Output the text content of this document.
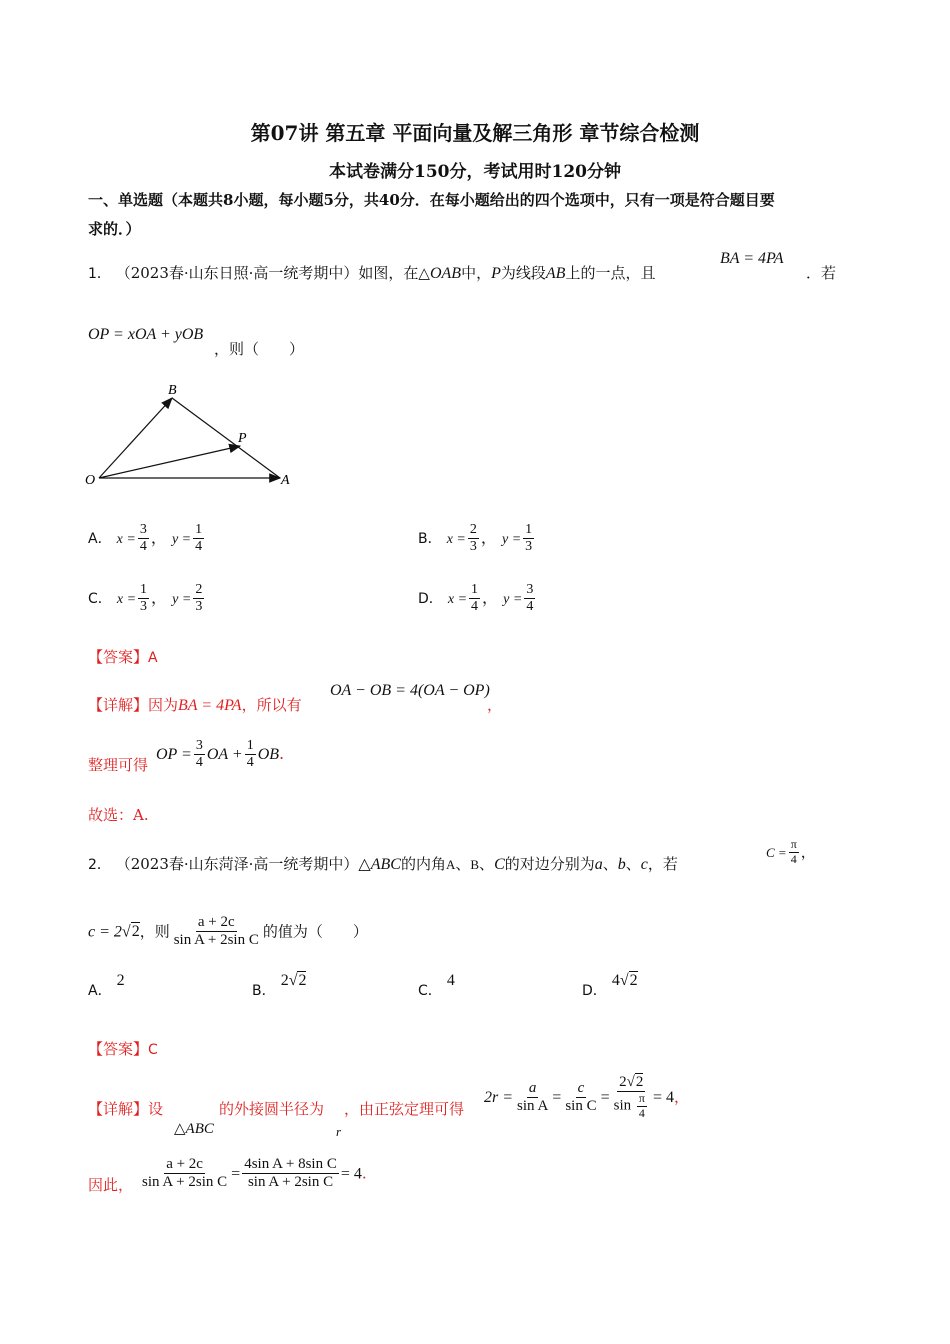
第07讲 第五章 平面向量及解三角形 章节综合检测
本试卷满分150分，考试用时120分钟
一、单选题（本题共8小题，每小题5分，共40分．在每小题给出的四个选项中，只有一项是符合题目要
求的．）
1． （2023春·山东日照·高一统考期中）如图，在△OAB中，P为线段AB上的一点，且
BA = 4PA
．若
OP = xOA + yOB
，则（　　）
B
P
O	A
A． $x = \frac{3}{4}$ ， $y = \frac{1}{4}$	B． $x = \frac{2}{3}$ ， $y = \frac{1}{3}$
C． $x = \frac{1}{3}$ ， $y = \frac{2}{3}$	D． $x = \frac{1}{4}$ ， $y = \frac{3}{4}$
【答案】A
【详解】因为BA = 4PA，所以有
OA − OB = 4(OA − OP)
，
整理可得
OP = $\frac{3}{4}$ OA + $\frac{1}{4}$ OB.
故选：A.
2． （2023春·山东菏泽·高一统考期中）△ABC的内角A、B、C的对边分别为a、b、c，若
$C = \frac{\pi}{4}$ ，
c = 2√2，则 $\frac{a + 2c}{\text{sin A + 2sin C}}$ 的值为（　　）
A． 2
B． 2√2
C． 4
D． 4√2
【答案】C
【详解】设
△ABC
的外接圆半径为
r
，由正弦定理可得
$2r = \frac{a}{\text{sin A}} = \frac{c}{\text{sin C}} = \frac{2√2}{\sin \frac{\pi}{4}} = 4$，
因此， $\frac{a + 2c}{\text{sin A + 2sin C}} = \frac{\text{4sin A + 8sin C}}{\text{sin A + 2sin C}} = 4$.
